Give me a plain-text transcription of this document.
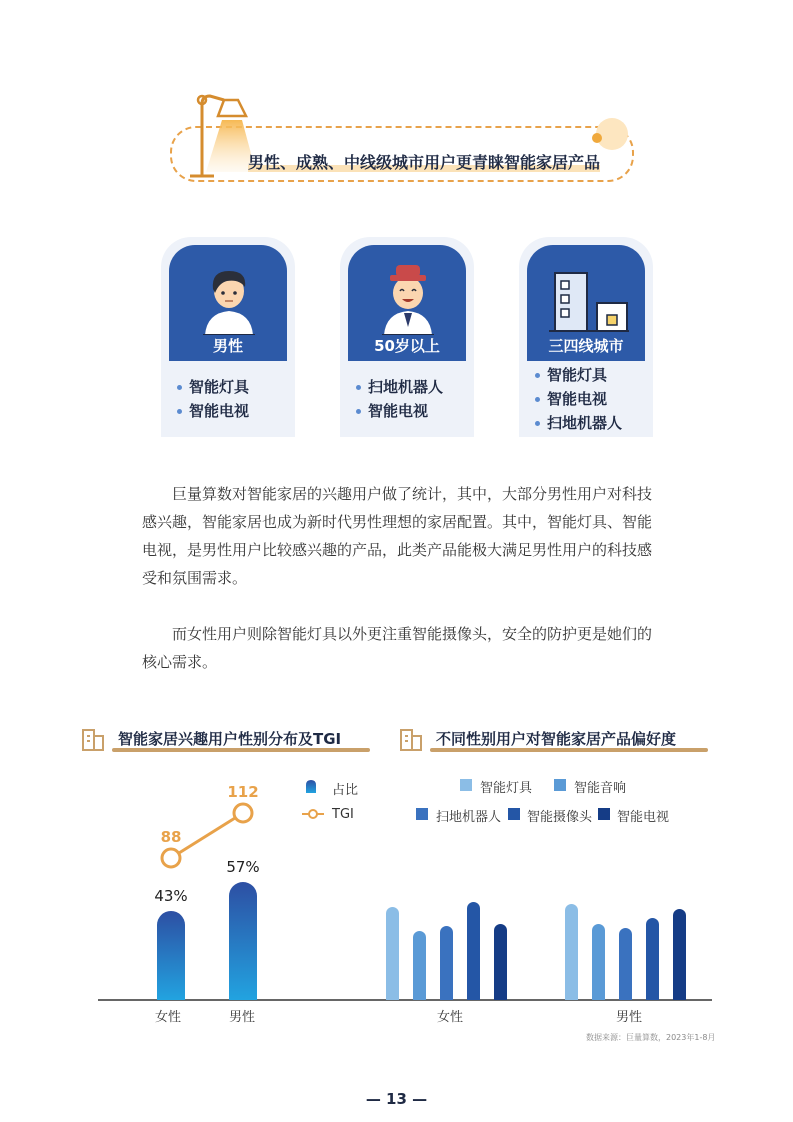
男性、成熟、中线级城市用户更青睐智能家居产品
男性
智能灯具
智能电视
50岁以上
扫地机器人
智能电视
三四线城市
智能灯具
智能电视
扫地机器人
巨量算数对智能家居的兴趣用户做了统计，其中，大部分男性用户对科技感兴趣，智能家居也成为新时代男性理想的家居配置。其中，智能灯具、智能电视，是男性用户比较感兴趣的产品，此类产品能极大满足男性用户的科技感受和氛围需求。
而女性用户则除智能灯具以外更注重智能摄像头，安全的防护更是她们的核心需求。
智能家居兴趣用户性别分布及TGI	不同性别用户对智能家居产品偏好度
43%
57%
88
112	占比
TGI
智能灯具	智能音响
扫地机器人 智能摄像头 智能电视
女性	男性	女性	男性
数据来源：巨量算数，2023年1-8月
— 13 —
